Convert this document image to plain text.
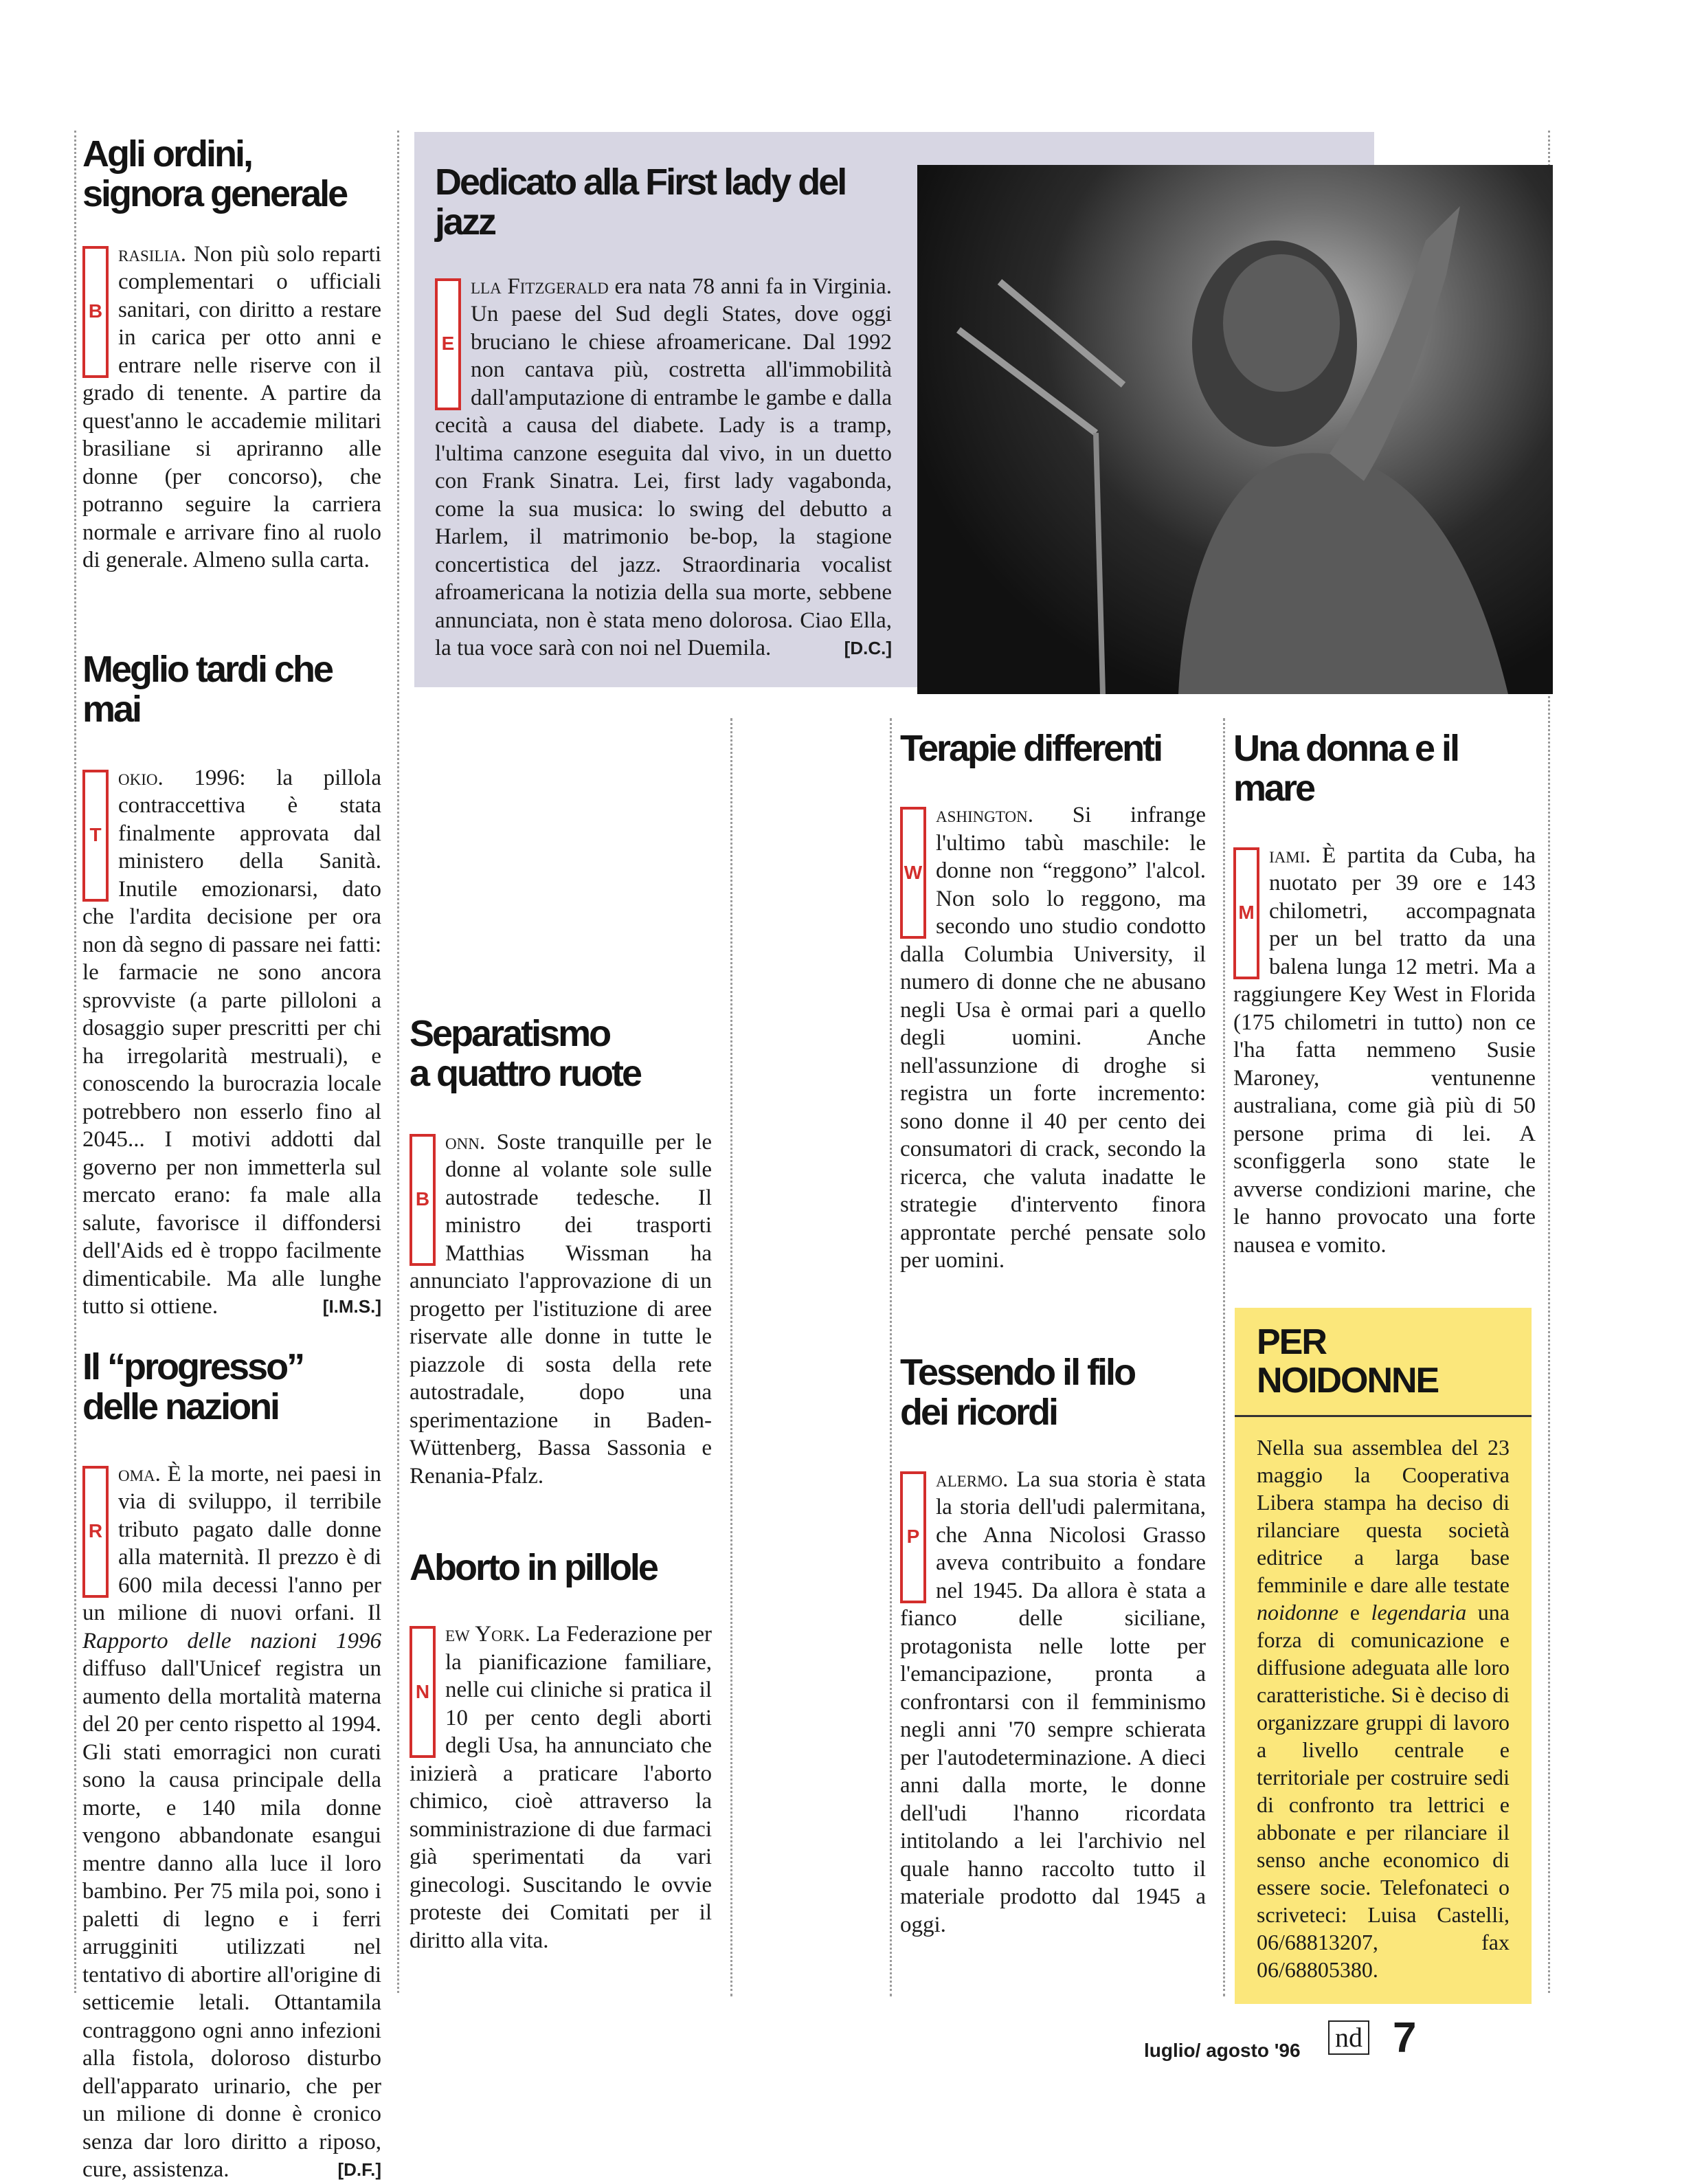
Agli ordini,
signora generale

B
rasilia. Non più solo reparti complementari o ufficiali sanitari, con diritto a restare in carica per otto anni e entrare nelle riserve con il grado di tenente. A partire da quest'anno le accademie militari brasiliane si apriranno alle donne (per concorso), che potranno seguire la carriera normale e arrivare fino al ruolo di generale. Almeno sulla carta.

Meglio tardi che mai

T
okio. 1996: la pillola contraccettiva è stata finalmente approvata dal ministero della Sanità. Inutile emozionarsi, dato che l'ardita decisione per ora non dà segno di passare nei fatti: le farmacie ne sono ancora sprovviste (a parte pilloloni a dosaggio super prescritti per chi ha irregolarità mestruali), e conoscendo la burocrazia locale potrebbero non esserlo fino al 2045... I motivi addotti dal governo per non immetterla sul mercato erano: fa male alla salute, favorisce il diffondersi dell'Aids ed è troppo facilmente dimenticabile. Ma alle lunghe tutto si ottiene.	[I.M.S.]

Il “progresso”
delle nazioni

R
oma. È la morte, nei paesi in via di sviluppo, il terribile tributo pagato dalle donne alla maternità. Il prezzo è di 600 mila decessi l'anno per un milione di nuovi orfani. Il Rapporto delle nazioni 1996 diffuso dall'Unicef registra un aumento della mortalità materna del 20 per cento rispetto al 1994. Gli stati emorragici non curati sono la causa principale della morte, e 140 mila donne vengono abbandonate esangui mentre danno alla luce il loro bambino. Per 75 mila poi, sono i paletti di legno e i ferri arrugginiti utilizzati nel tentativo di abortire all'origine di setticemie letali. Ottantamila contraggono ogni anno infezioni alla fistola, doloroso disturbo dell'apparato urinario, che per un milione di donne è cronico senza dar loro diritto a riposo, cure, assistenza.	[D.F.]

Dedicato alla First lady del jazz

E
lla Fitzgerald era nata 78 anni fa in Virginia. Un paese del Sud degli States, dove oggi bruciano le chiese afroamericane. Dal 1992 non cantava più, costretta all'immobilità dall'amputazione di entrambe le gambe e dalla cecità a causa del diabete. Lady is a tramp, l'ultima canzone eseguita dal vivo, in un duetto con Frank Sinatra. Lei, first lady vagabonda, come la sua musica: lo swing del debutto a Harlem, il matrimonio be-bop, la stagione concertistica del jazz. Straordinaria vocalist afroamericana la notizia della sua morte, sebbene annunciata, non è stata meno dolorosa. Ciao Ella, la tua voce sarà con noi nel Duemila.	[D.C.]

Separatismo
a quattro ruote

B
onn. Soste tranquille per le donne al volante sole sulle autostrade tedesche. Il ministro dei trasporti Matthias Wissman ha annunciato l'approvazione di un progetto per l'istituzione di aree riservate alle donne in tutte le piazzole di sosta della rete autostradale, dopo una sperimentazione in Baden-Wüttenberg, Bassa Sassonia e Renania-Pfalz.

Aborto in pillole

N
ew York. La Federazione per la pianificazione familiare, nelle cui cliniche si pratica il 10 per cento degli aborti degli Usa, ha annunciato che inizierà a praticare l'aborto chimico, cioè attraverso la somministrazione di due farmaci già sperimentati da vari ginecologi. Suscitando le ovvie proteste dei Comitati per il diritto alla vita.

Terapie differenti

W
ashington. Si infrange l'ultimo tabù maschile: le donne non “reggono” l'alcol. Non solo lo reggono, ma secondo uno studio condotto dalla Columbia University, il numero di donne che ne abusano negli Usa è ormai pari a quello degli uomini. Anche nell'assunzione di droghe si registra un forte incremento: sono donne il 40 per cento dei consumatori di crack, secondo la ricerca, che valuta inadatte le strategie d'intervento finora approntate perché pensate solo per uomini.

Tessendo il filo
dei ricordi

P
alermo. La sua storia è stata la storia dell'udi palermitana, che Anna Nicolosi Grasso aveva contribuito a fondare nel 1945. Da allora è stata a fianco delle siciliane, protagonista nelle lotte per l'emancipazione, pronta a confrontarsi con il femminismo negli anni '70 sempre schierata per l'autodeterminazione. A dieci anni dalla morte, le donne dell'udi l'hanno ricordata intitolando a lei l'archivio nel quale hanno raccolto tutto il materiale prodotto dal 1945 a oggi.

Una donna e il mare

M
iami. È partita da Cuba, ha nuotato per 39 ore e 143 chilometri, accompagnata per un bel tratto da una balena lunga 12 metri. Ma a raggiungere Key West in Florida (175 chilometri in tutto) non ce l'ha fatta nemmeno Susie Maroney, ventunenne australiana, come già più di 50 persone prima di lei. A sconfiggerla sono state le avverse condizioni marine, che le hanno provocato una forte nausea e vomito.

PER NOIDONNE

Nella sua assemblea del 23 maggio la Cooperativa Libera stampa ha deciso di rilanciare questa società editrice a larga base femminile e dare alle testate noidonne e legendaria una forza di comunicazione e diffusione adeguata alle loro caratteristiche. Si è deciso di organizzare gruppi di lavoro a livello centrale e territoriale per costruire sedi di confronto tra lettrici e abbonate e per rilanciare il senso anche economico di essere socie. Telefonateci o scriveteci: Luisa Castelli, 06/68813207, fax 06/68805380.

luglio/ agosto '96 nd 7
